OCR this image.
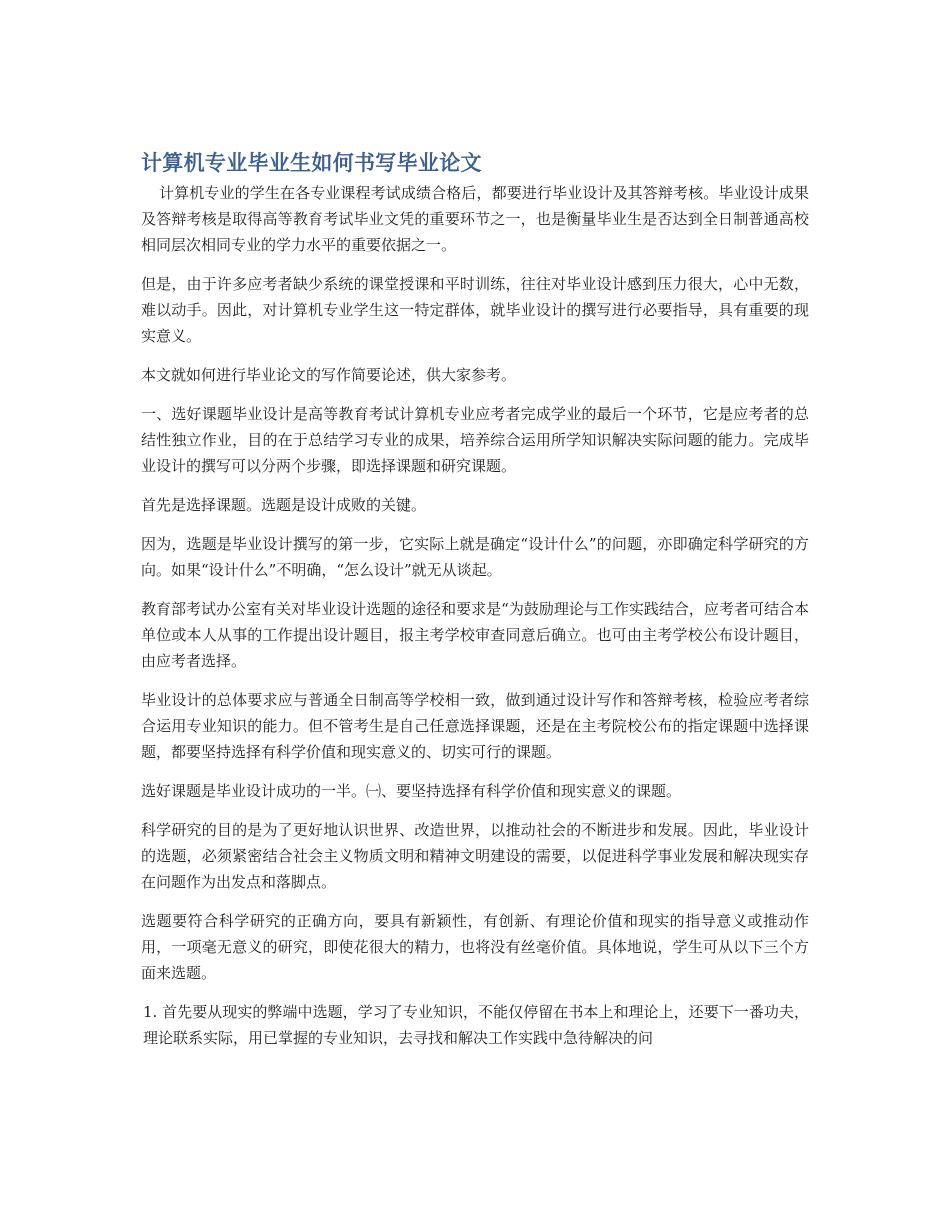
计算机专业毕业生如何书写毕业论文

计算机专业的学生在各专业课程考试成绩合格后，都要进行毕业设计及其答辩考核。毕业设计成果及答辩考核是取得高等教育考试毕业文凭的重要环节之一，也是衡量毕业生是否达到全日制普通高校相同层次相同专业的学力水平的重要依据之一。

但是，由于许多应考者缺少系统的课堂授课和平时训练，往往对毕业设计感到压力很大，心中无数，难以动手。因此，对计算机专业学生这一特定群体，就毕业设计的撰写进行必要指导，具有重要的现实意义。

本文就如何进行毕业论文的写作简要论述，供大家参考。

一、选好课题毕业设计是高等教育考试计算机专业应考者完成学业的最后一个环节，它是应考者的总结性独立作业，目的在于总结学习专业的成果，培养综合运用所学知识解决实际问题的能力。完成毕业设计的撰写可以分两个步骤，即选择课题和研究课题。

首先是选择课题。选题是设计成败的关键。

因为，选题是毕业设计撰写的第一步，它实际上就是确定“设计什么”的问题，亦即确定科学研究的方向。如果“设计什么”不明确，“怎么设计”就无从谈起。

教育部考试办公室有关对毕业设计选题的途径和要求是“为鼓励理论与工作实践结合，应考者可结合本单位或本人从事的工作提出设计题目，报主考学校审查同意后确立。也可由主考学校公布设计题目，由应考者选择。

毕业设计的总体要求应与普通全日制高等学校相一致，做到通过设计写作和答辩考核，检验应考者综合运用专业知识的能力。但不管考生是自己任意选择课题，还是在主考院校公布的指定课题中选择课题，都要坚持选择有科学价值和现实意义的、切实可行的课题。

选好课题是毕业设计成功的一半。㈠、要坚持选择有科学价值和现实意义的课题。

科学研究的目的是为了更好地认识世界、改造世界，以推动社会的不断进步和发展。因此，毕业设计的选题，必须紧密结合社会主义物质文明和精神文明建设的需要，以促进科学事业发展和解决现实存在问题作为出发点和落脚点。

选题要符合科学研究的正确方向，要具有新颖性，有创新、有理论价值和现实的指导意义或推动作用，一项毫无意义的研究，即使花很大的精力，也将没有丝毫价值。具体地说，学生可从以下三个方面来选题。

1. 首先要从现实的弊端中选题，学习了专业知识，不能仅停留在书本上和理论上，还要下一番功夫，理论联系实际，用已掌握的专业知识，去寻找和解决工作实践中急待解决的问
